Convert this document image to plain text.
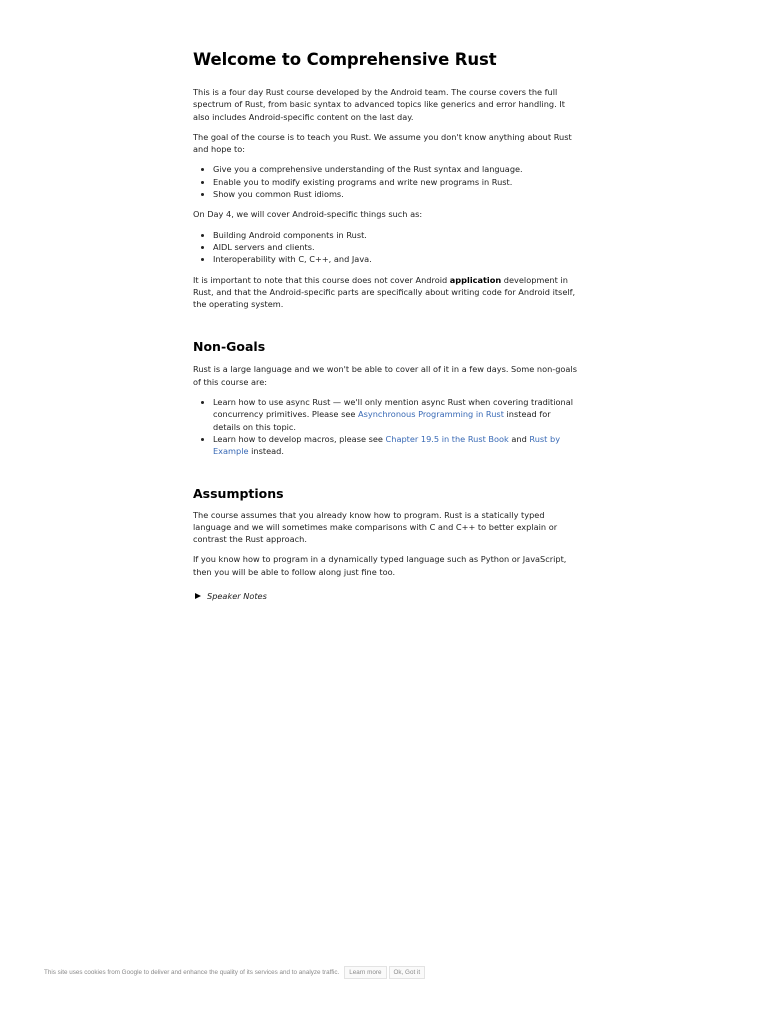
Welcome to Comprehensive Rust

This is a four day Rust course developed by the Android team. The course covers the full spectrum of Rust, from basic syntax to advanced topics like generics and error handling. It also includes Android-specific content on the last day.

The goal of the course is to teach you Rust. We assume you don't know anything about Rust and hope to:

• Give you a comprehensive understanding of the Rust syntax and language.
• Enable you to modify existing programs and write new programs in Rust.
• Show you common Rust idioms.

On Day 4, we will cover Android-specific things such as:

• Building Android components in Rust.
• AIDL servers and clients.
• Interoperability with C, C++, and Java.

It is important to note that this course does not cover Android application development in Rust, and that the Android-specific parts are specifically about writing code for Android itself, the operating system.

Non-Goals

Rust is a large language and we won't be able to cover all of it in a few days. Some non-goals of this course are:

• Learn how to use async Rust — we'll only mention async Rust when covering traditional concurrency primitives. Please see Asynchronous Programming in Rust instead for details on this topic.
• Learn how to develop macros, please see Chapter 19.5 in the Rust Book and Rust by Example instead.
Assumptions

The course assumes that you already know how to program. Rust is a statically typed language and we will sometimes make comparisons with C and C++ to better explain or contrast the Rust approach.

If you know how to program in a dynamically typed language such as Python or JavaScript, then you will be able to follow along just fine too.

Speaker Notes
This site uses cookies from Google to deliver and enhance the quality of its services and to analyze traffic.	Learn more	Ok, Got it
